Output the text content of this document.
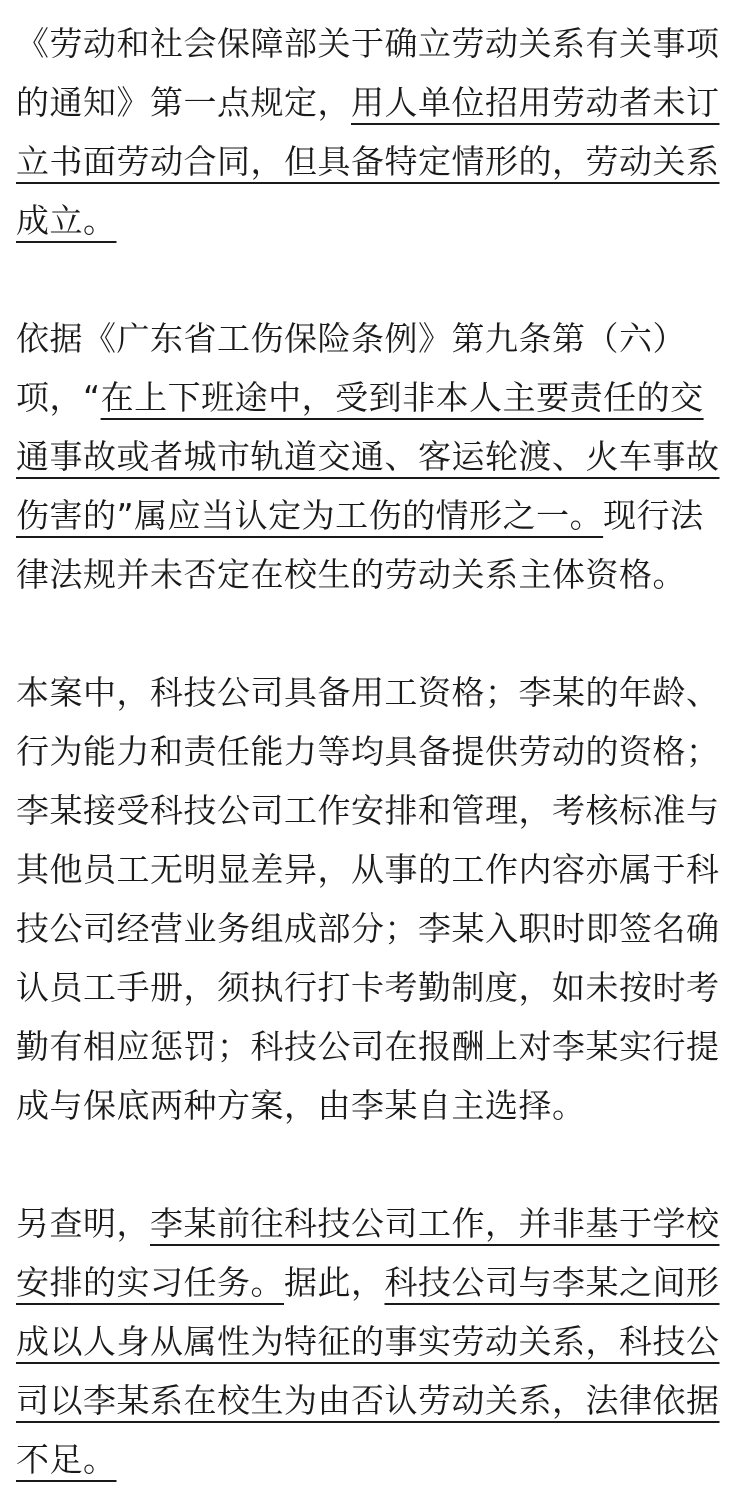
《劳动和社会保障部关于确立劳动关系有关事项
的通知》第一点规定，用人单位招用劳动者未订
立书面劳动合同，但具备特定情形的，劳动关系
成立。
依据《广东省工伤保险条例》第九条第（六）
项，“在上下班途中，受到非本人主要责任的交
通事故或者城市轨道交通、客运轮渡、火车事故
伤害的”属应当认定为工伤的情形之一。现行法
律法规并未否定在校生的劳动关系主体资格。
本案中，科技公司具备用工资格；李某的年龄、
行为能力和责任能力等均具备提供劳动的资格；
李某接受科技公司工作安排和管理，考核标准与
其他员工无明显差异，从事的工作内容亦属于科
技公司经营业务组成部分；李某入职时即签名确
认员工手册，须执行打卡考勤制度，如未按时考
勤有相应惩罚；科技公司在报酬上对李某实行提
成与保底两种方案，由李某自主选择。
另查明，李某前往科技公司工作，并非基于学校
安排的实习任务。据此，科技公司与李某之间形
成以人身从属性为特征的事实劳动关系，科技公
司以李某系在校生为由否认劳动关系，法律依据
不足。
